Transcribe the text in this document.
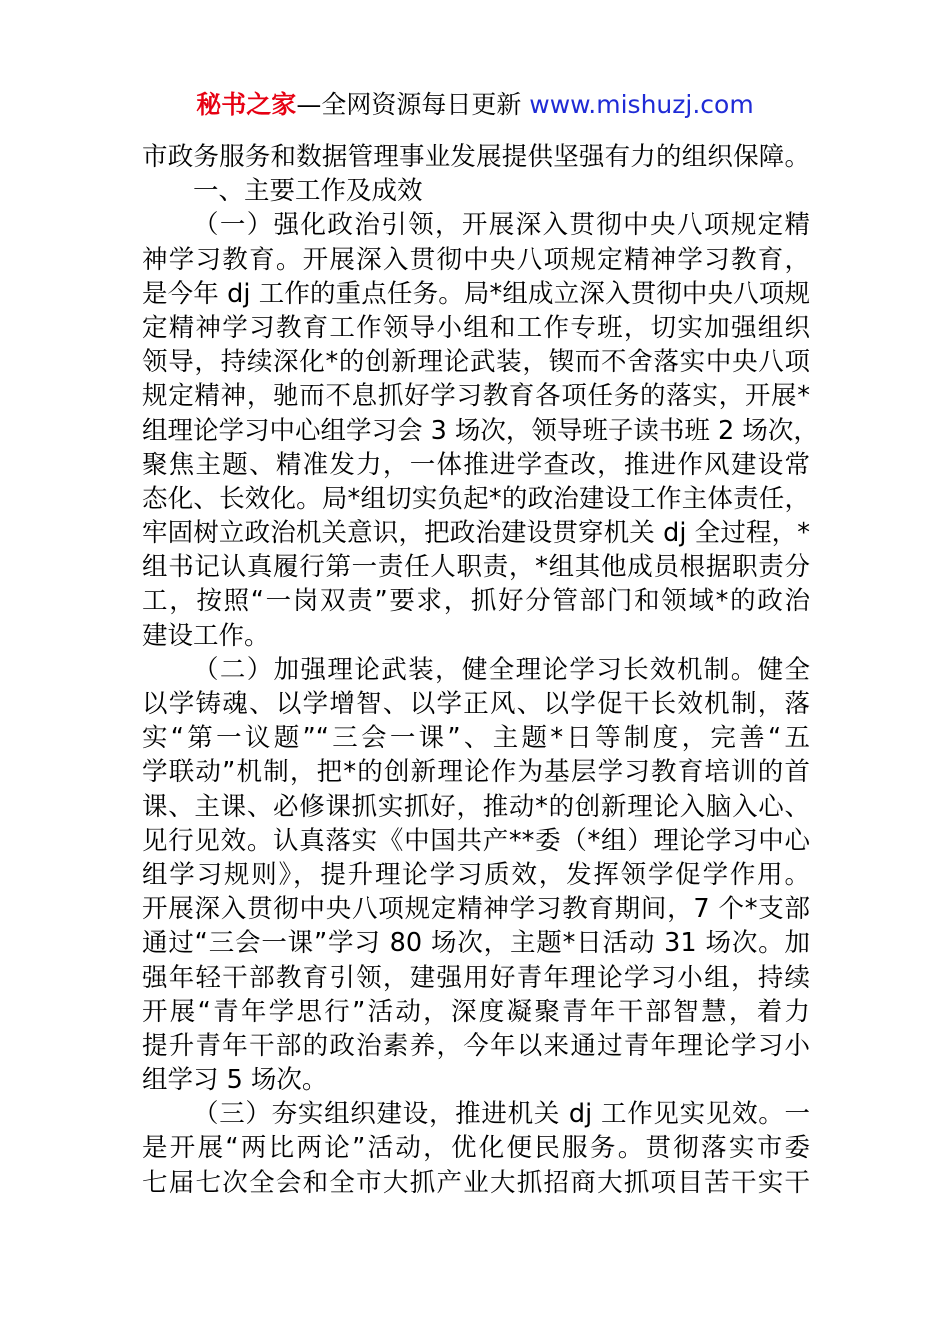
秘书之家—全网资源每日更新 www.mishuzj.com
市政务服务和数据管理事业发展提供坚强有力的组织保障。
一、主要工作及成效
（一）强化政治引领，开展深入贯彻中央八项规定精
神学习教育。开展深入贯彻中央八项规定精神学习教育，
是今年 dj 工作的重点任务。局*组成立深入贯彻中央八项规
定精神学习教育工作领导小组和工作专班，切实加强组织
领导，持续深化*的创新理论武装，锲而不舍落实中央八项
规定精神，驰而不息抓好学习教育各项任务的落实，开展*
组理论学习中心组学习会 3 场次，领导班子读书班 2 场次，
聚焦主题、精准发力，一体推进学查改，推进作风建设常
态化、长效化。局*组切实负起*的政治建设工作主体责任，
牢固树立政治机关意识，把政治建设贯穿机关 dj 全过程，*
组书记认真履行第一责任人职责，*组其他成员根据职责分
工，按照“一岗双责”要求，抓好分管部门和领域*的政治
建设工作。
（二）加强理论武装，健全理论学习长效机制。健全
以学铸魂、以学增智、以学正风、以学促干长效机制，落
实“第一议题”“三会一课”、主题*日等制度，完善“五
学联动”机制，把*的创新理论作为基层学习教育培训的首
课、主课、必修课抓实抓好，推动*的创新理论入脑入心、
见行见效。认真落实《中国共产**委（*组）理论学习中心
组学习规则》，提升理论学习质效，发挥领学促学作用。
开展深入贯彻中央八项规定精神学习教育期间，7 个*支部
通过“三会一课”学习 80 场次，主题*日活动 31 场次。加
强年轻干部教育引领，建强用好青年理论学习小组，持续
开展“青年学思行”活动，深度凝聚青年干部智慧，着力
提升青年干部的政治素养，今年以来通过青年理论学习小
组学习 5 场次。
（三）夯实组织建设，推进机关 dj 工作见实见效。一
是开展“两比两论”活动，优化便民服务。贯彻落实市委
七届七次全会和全市大抓产业大抓招商大抓项目苦干实干
